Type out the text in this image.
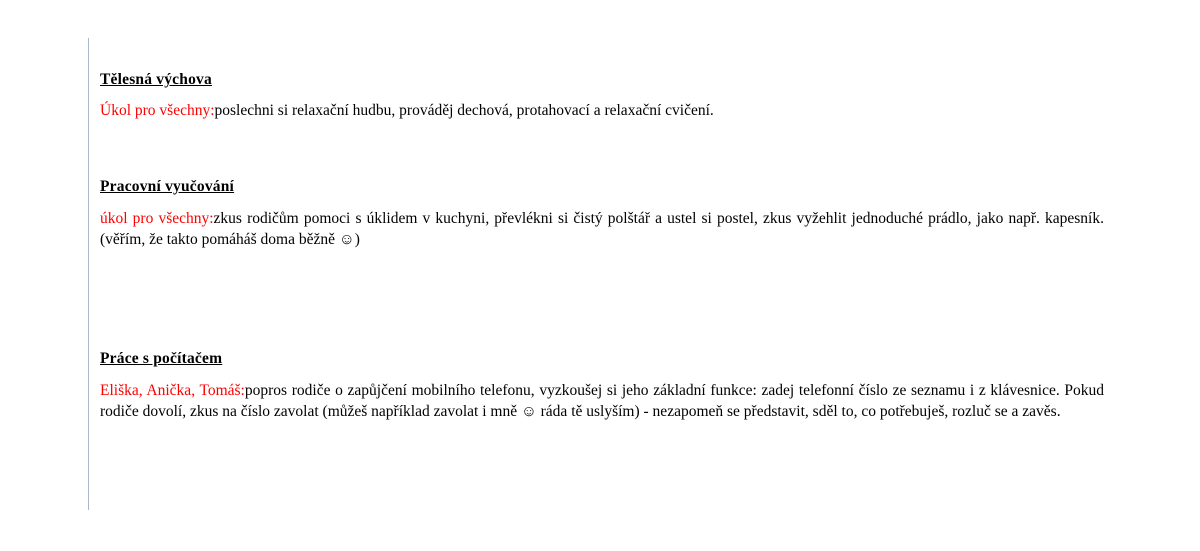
Tělesná výchova

Úkol pro všechny:poslechni si relaxační hudbu, prováděj dechová, protahovací a relaxační cvičení.

Pracovní vyučování

úkol pro všechny:zkus rodičům pomoci s úklidem v kuchyni, převlékni si čistý polštář a ustel si postel, zkus vyžehlit jednoduché prádlo, jako např. kapesník. (věřím, že takto pomáháš doma běžně ☺)

Práce s počítačem

Eliška, Anička, Tomáš:popros rodiče o zapůjčení mobilního telefonu, vyzkoušej si jeho základní funkce: zadej telefonní číslo ze seznamu i z klávesnice. Pokud rodiče dovolí, zkus na číslo zavolat (můžeš například zavolat i mně ☺ ráda tě uslyším) - nezapomeň se představit, sděl to, co potřebuješ, rozluč se a zavěs.
